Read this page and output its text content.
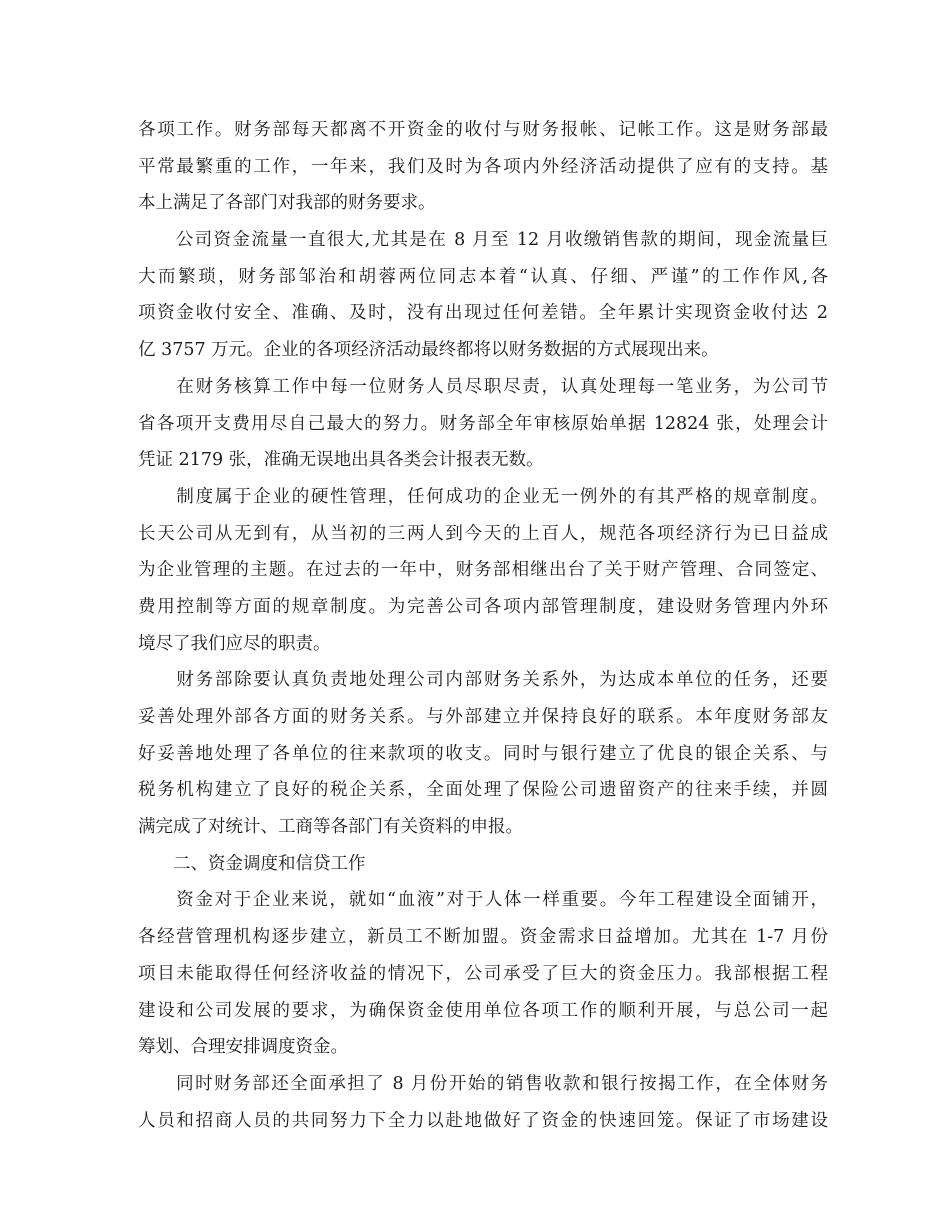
各项工作。财务部每天都离不开资金的收付与财务报帐、记帐工作。这是财务部最
平常最繁重的工作，一年来，我们及时为各项内外经济活动提供了应有的支持。基
本上满足了各部门对我部的财务要求。
　　公司资金流量一直很大,尤其是在 8 月至 12 月收缴销售款的期间，现金流量巨
大而繁琐，财务部邹治和胡蓉两位同志本着“认真、仔细、严谨”的工作作风,各
项资金收付安全、准确、及时，没有出现过任何差错。全年累计实现资金收付达 2
亿 3757 万元。企业的各项经济活动最终都将以财务数据的方式展现出来。
　　在财务核算工作中每一位财务人员尽职尽责，认真处理每一笔业务，为公司节
省各项开支费用尽自己最大的努力。财务部全年审核原始单据 12824 张，处理会计
凭证 2179 张，准确无误地出具各类会计报表无数。
　　制度属于企业的硬性管理，任何成功的企业无一例外的有其严格的规章制度。
长天公司从无到有，从当初的三两人到今天的上百人，规范各项经济行为已日益成
为企业管理的主题。在过去的一年中，财务部相继出台了关于财产管理、合同签定、
费用控制等方面的规章制度。为完善公司各项内部管理制度，建设财务管理内外环
境尽了我们应尽的职责。
　　财务部除要认真负责地处理公司内部财务关系外，为达成本单位的任务，还要
妥善处理外部各方面的财务关系。与外部建立并保持良好的联系。本年度财务部友
好妥善地处理了各单位的往来款项的收支。同时与银行建立了优良的银企关系、与
税务机构建立了良好的税企关系，全面处理了保险公司遗留资产的往来手续，并圆
满完成了对统计、工商等各部门有关资料的申报。
　　二、资金调度和信贷工作
　　资金对于企业来说，就如“血液”对于人体一样重要。今年工程建设全面铺开，
各经营管理机构逐步建立，新员工不断加盟。资金需求日益增加。尤其在 1-7 月份
项目未能取得任何经济收益的情况下，公司承受了巨大的资金压力。我部根据工程
建设和公司发展的要求，为确保资金使用单位各项工作的顺利开展，与总公司一起
筹划、合理安排调度资金。
　　同时财务部还全面承担了 8 月份开始的销售收款和银行按揭工作，在全体财务
人员和招商人员的共同努力下全力以赴地做好了资金的快速回笼。保证了市场建设
